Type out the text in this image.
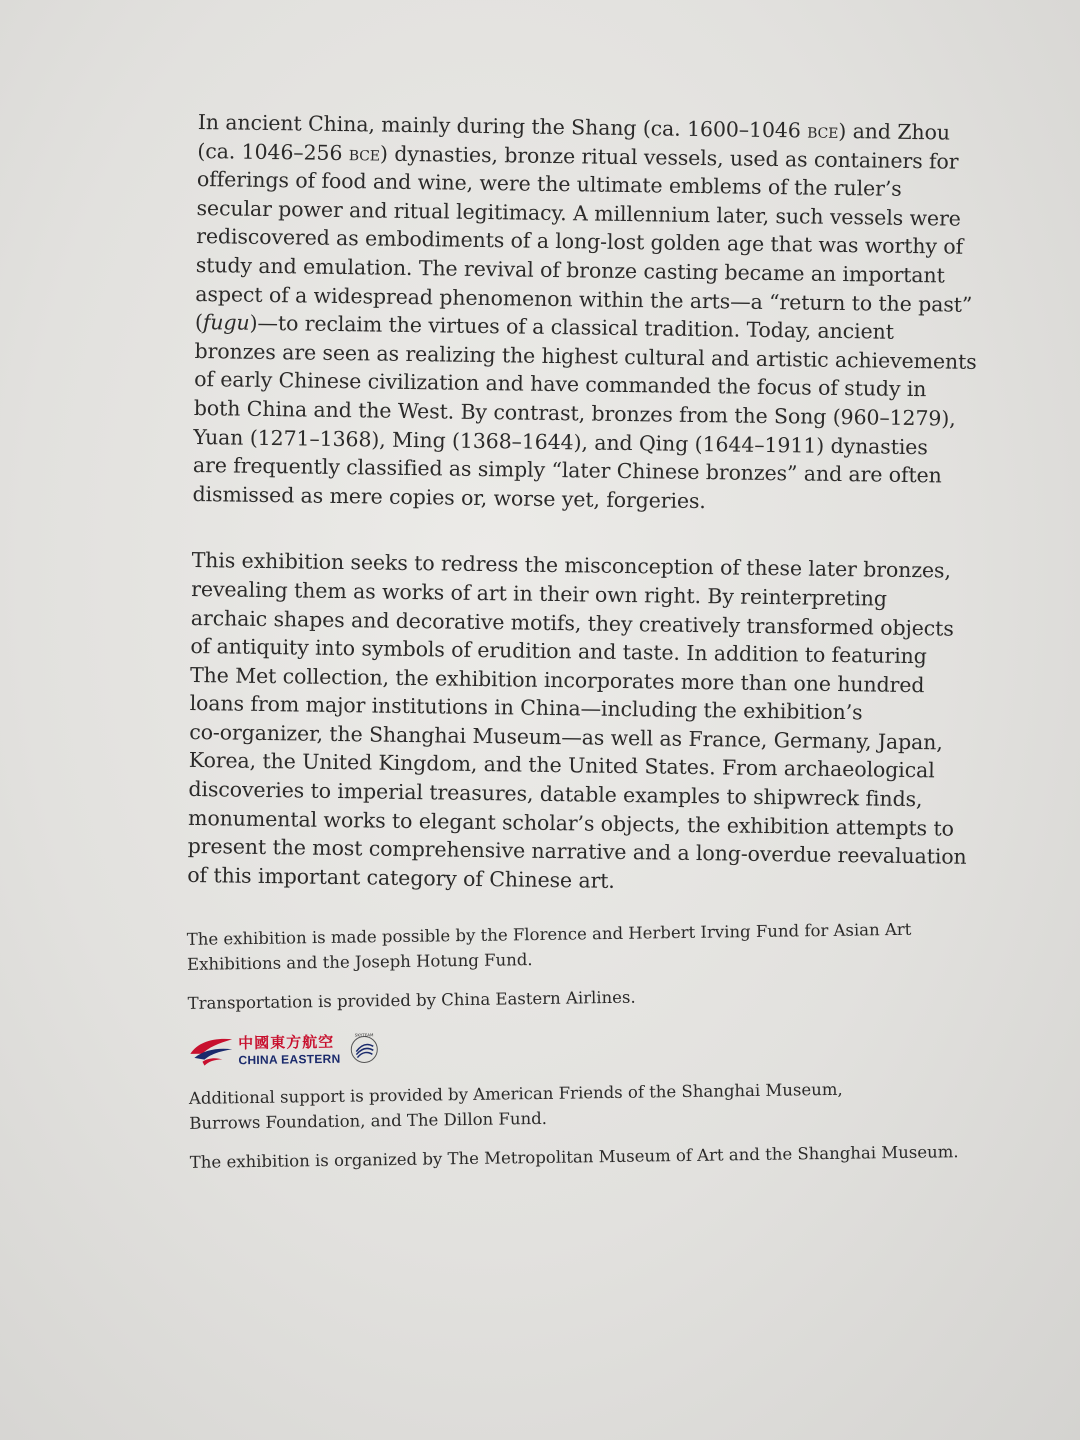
In ancient China, mainly during the Shang (ca. 1600–1046 bce) and Zhou
(ca. 1046–256 bce) dynasties, bronze ritual vessels, used as containers for
offerings of food and wine, were the ultimate emblems of the ruler’s
secular power and ritual legitimacy. A millennium later, such vessels were
rediscovered as embodiments of a long-lost golden age that was worthy of
study and emulation. The revival of bronze casting became an important
aspect of a widespread phenomenon within the arts—a “return to the past”
(fugu)—to reclaim the virtues of a classical tradition. Today, ancient
bronzes are seen as realizing the highest cultural and artistic achievements
of early Chinese civilization and have commanded the focus of study in
both China and the West. By contrast, bronzes from the Song (960–1279),
Yuan (1271–1368), Ming (1368–1644), and Qing (1644–1911) dynasties
are frequently classified as simply “later Chinese bronzes” and are often
dismissed as mere copies or, worse yet, forgeries.

This exhibition seeks to redress the misconception of these later bronzes,
revealing them as works of art in their own right. By reinterpreting
archaic shapes and decorative motifs, they creatively transformed objects
of antiquity into symbols of erudition and taste. In addition to featuring
The Met collection, the exhibition incorporates more than one hundred
loans from major institutions in China—including the exhibition’s
co-organizer, the Shanghai Museum—as well as France, Germany, Japan,
Korea, the United Kingdom, and the United States. From archaeological
discoveries to imperial treasures, datable examples to shipwreck finds,
monumental works to elegant scholar’s objects, the exhibition attempts to
present the most comprehensive narrative and a long-overdue reevaluation
of this important category of Chinese art.

The exhibition is made possible by the Florence and Herbert Irving Fund for Asian Art
Exhibitions and the Joseph Hotung Fund.

Transportation is provided by China Eastern Airlines.

中國東方航空
CHINA EASTERN
SKYTEAM

Additional support is provided by American Friends of the Shanghai Museum,
Burrows Foundation, and The Dillon Fund.

The exhibition is organized by The Metropolitan Museum of Art and the Shanghai Museum.
